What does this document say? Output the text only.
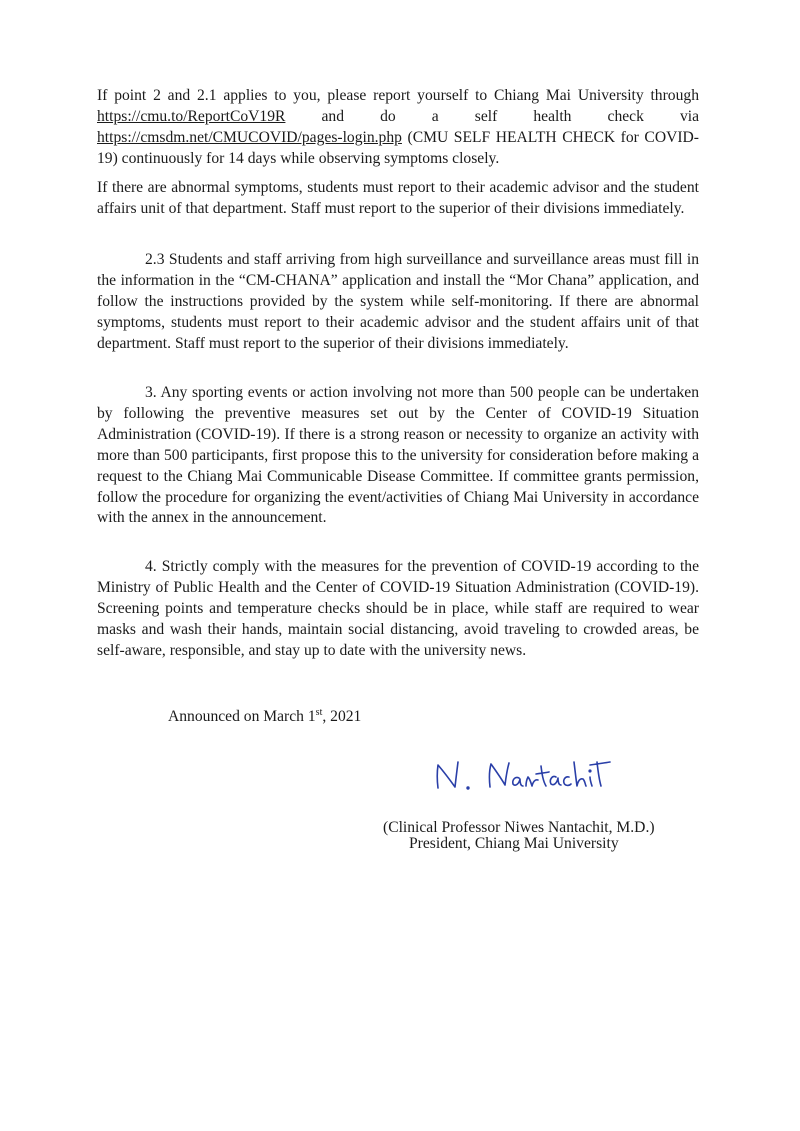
If point 2 and 2.1 applies to you, please report yourself to Chiang Mai University through https://cmu.to/ReportCoV19R and do a self health check via https://cmsdm.net/CMUCOVID/pages-login.php (CMU SELF HEALTH CHECK for COVID-19) continuously for 14 days while observing symptoms closely.

If there are abnormal symptoms, students must report to their academic advisor and the student affairs unit of that department. Staff must report to the superior of their divisions immediately.

2.3 Students and staff arriving from high surveillance and surveillance areas must fill in the information in the “CM-CHANA” application and install the “Mor Chana” application, and follow the instructions provided by the system while self-monitoring. If there are abnormal symptoms, students must report to their academic advisor and the student affairs unit of that department. Staff must report to the superior of their divisions immediately.

3. Any sporting events or action involving not more than 500 people can be undertaken by following the preventive measures set out by the Center of COVID-19 Situation Administration (COVID-19). If there is a strong reason or necessity to organize an activity with more than 500 participants, first propose this to the university for consideration before making a request to the Chiang Mai Communicable Disease Committee. If committee grants permission, follow the procedure for organizing the event/activities of Chiang Mai University in accordance with the annex in the announcement.

4. Strictly comply with the measures for the prevention of COVID-19 according to the Ministry of Public Health and the Center of COVID-19 Situation Administration (COVID-19). Screening points and temperature checks should be in place, while staff are required to wear masks and wash their hands, maintain social distancing, avoid traveling to crowded areas, be self-aware, responsible, and stay up to date with the university news.

Announced on March 1st, 2021

(Clinical Professor Niwes Nantachit, M.D.)

President, Chiang Mai University
